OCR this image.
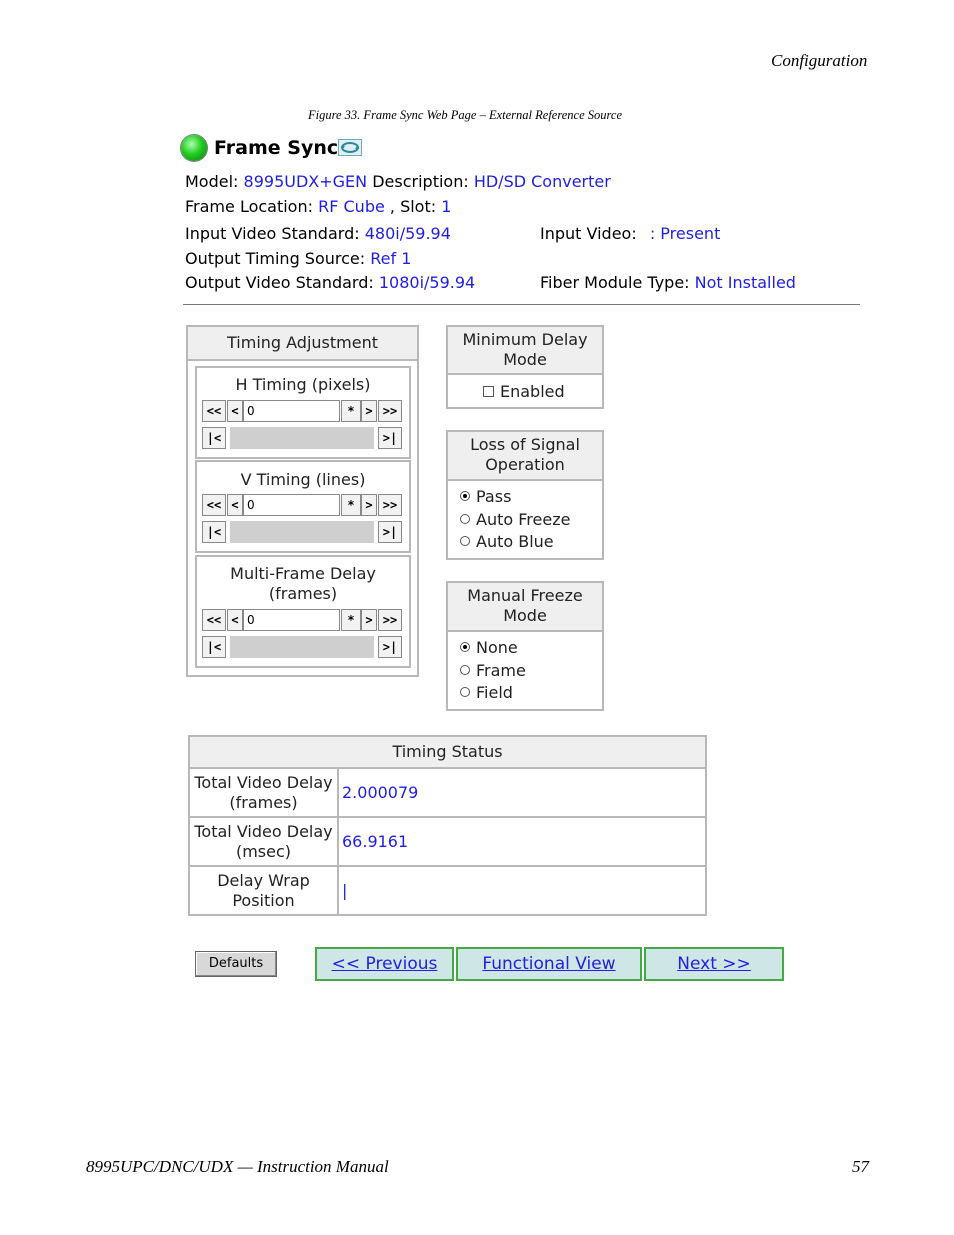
Configuration
Figure 33. Frame Sync Web Page – External Reference Source
Frame Sync
Model: 8995UDX+GEN Description: HD/SD Converter
Frame Location: RF Cube , Slot: 1
Input Video Standard: 480i/59.94	Input Video: : Present
Output Timing Source: Ref 1
Output Video Standard: 1080i/59.94	Fiber Module Type: Not Installed
Timing Adjustment
H Timing (pixels)
V Timing (lines)
Multi-Frame Delay
(frames)
<< < 0	* > >>
|<	>|
<< < 0	* > >>
|<	>|
<< < 0	* > >>
|<	>|
Minimum Delay Mode
Enabled
Loss of Signal Operation
Pass
Auto Freeze
Auto Blue
Manual Freeze Mode
None
Frame
Field
Timing Status	

Total Video Delay
(frames)	2.000079

Total Video Delay
(msec)	66.9161

Delay Wrap
Position	|
Defaults	<< Previous	Functional View	Next >>
8995UPC/DNC/UDX — Instruction Manual	57
